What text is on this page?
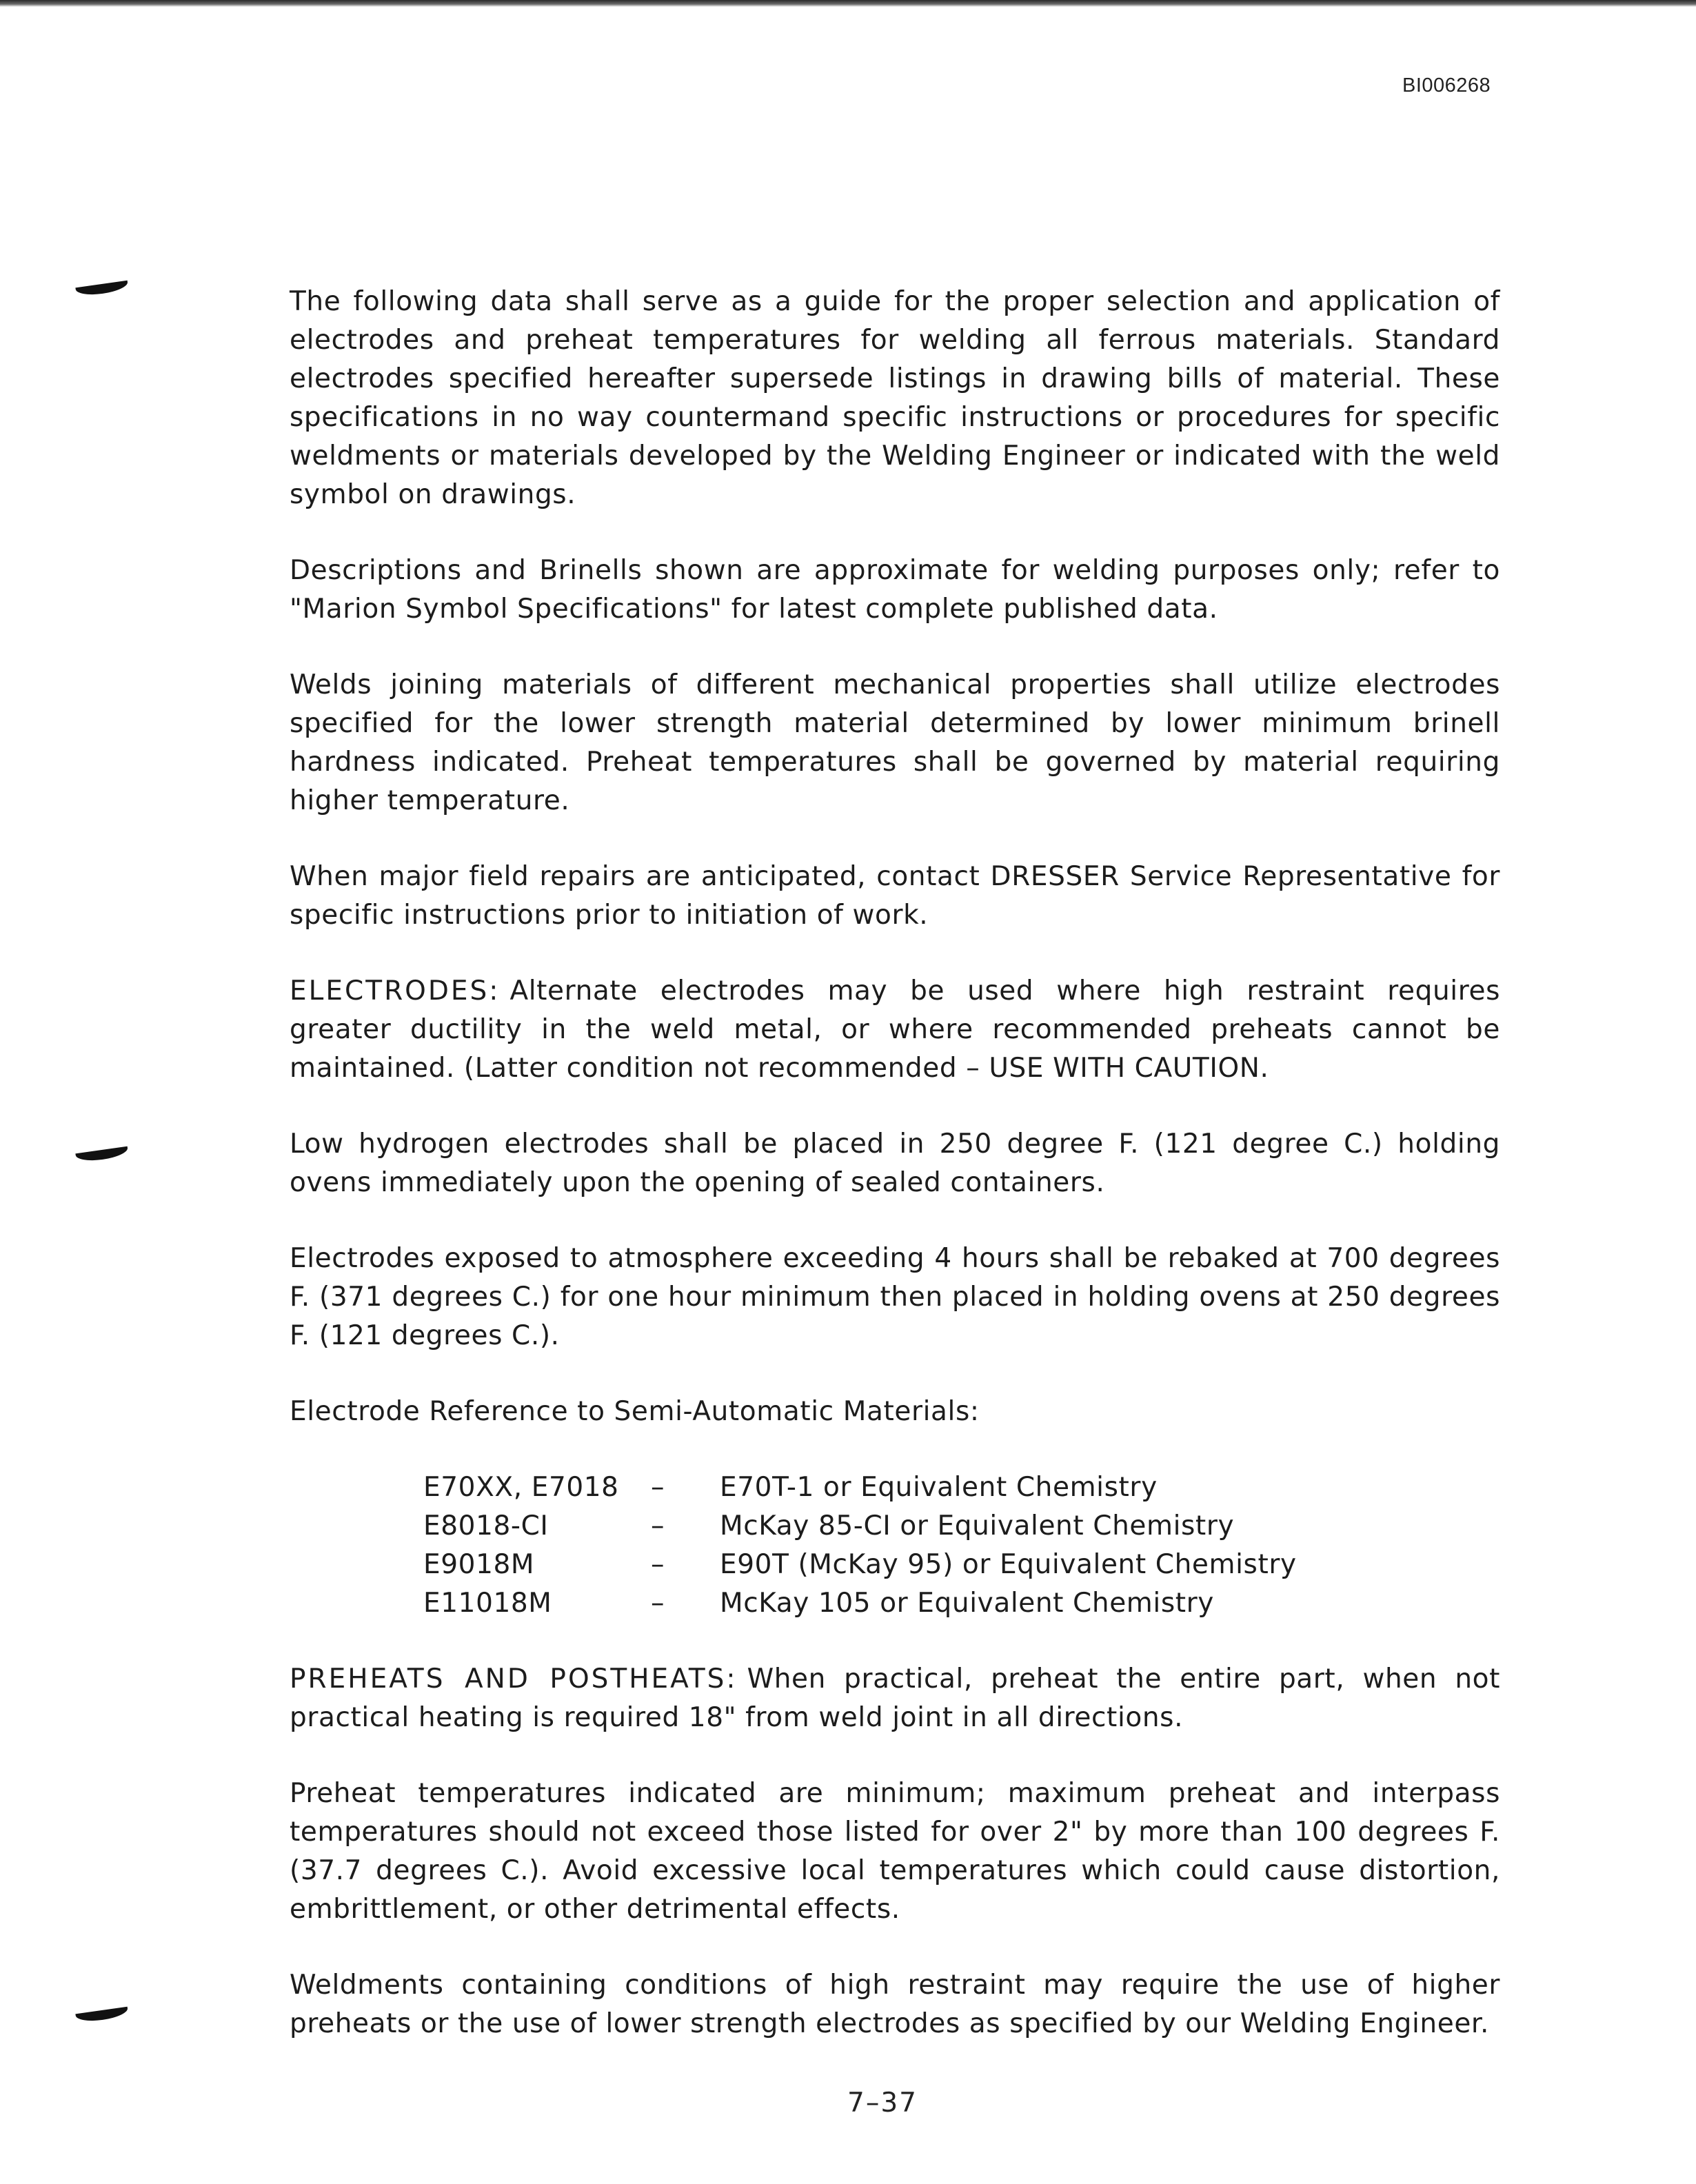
BI006268

The following data shall serve as a guide for the proper selection and application of electrodes and preheat temperatures for welding all ferrous materials. Standard electrodes specified hereafter supersede listings in drawing bills of material. These specifications in no way countermand specific instructions or procedures for specific weldments or materials developed by the Welding Engineer or indicated with the weld symbol on drawings.

Descriptions and Brinells shown are approximate for welding purposes only; refer to "Marion Symbol Specifications" for latest complete published data.

Welds joining materials of different mechanical properties shall utilize electrodes specified for the lower strength material determined by lower minimum brinell hardness indicated. Preheat temperatures shall be governed by material requiring higher temperature.

When major field repairs are anticipated, contact DRESSER Service Representative for specific instructions prior to initiation of work.

ELECTRODES: Alternate electrodes may be used where high restraint requires greater ductility in the weld metal, or where recommended preheats cannot be maintained. (Latter condition not recommended – USE WITH CAUTION.

Low hydrogen electrodes shall be placed in 250 degree F. (121 degree C.) holding ovens immediately upon the opening of sealed containers.

Electrodes exposed to atmosphere exceeding 4 hours shall be rebaked at 700 degrees F. (371 degrees C.) for one hour minimum then placed in holding ovens at 250 degrees F. (121 degrees C.).

Electrode Reference to Semi-Automatic Materials:

E70XX, E7018	–	E70T-1 or Equivalent Chemistry
E8018-CI	–	McKay 85-CI or Equivalent Chemistry
E9018M	–	E90T (McKay 95) or Equivalent Chemistry
E11018M	–	McKay 105 or Equivalent Chemistry

PREHEATS AND POSTHEATS: When practical, preheat the entire part, when not practical heating is required 18" from weld joint in all directions.

Preheat temperatures indicated are minimum; maximum preheat and interpass temperatures should not exceed those listed for over 2" by more than 100 degrees F. (37.7 degrees C.). Avoid excessive local temperatures which could cause distortion, embrittlement, or other detrimental effects.

Weldments containing conditions of high restraint may require the use of higher preheats or the use of lower strength electrodes as specified by our Welding Engineer.

7–37
